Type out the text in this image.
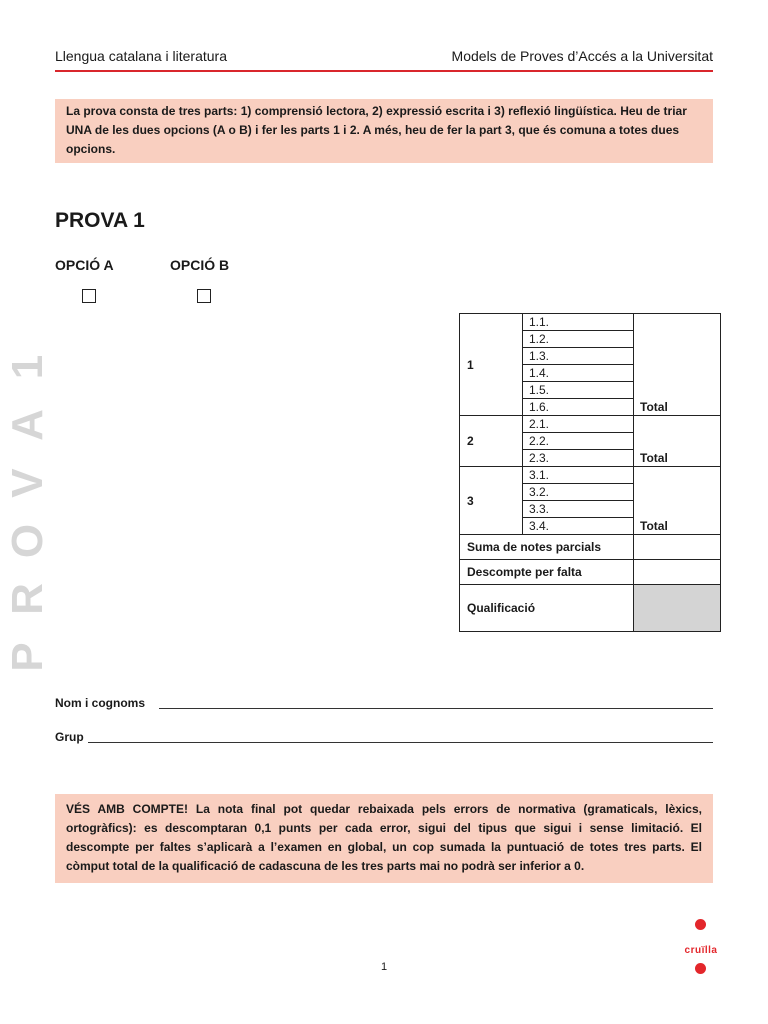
Llengua catalana i literatura	Models de Proves d’Accés a la Universitat
La prova consta de tres parts: 1) comprensió lectora, 2) expressió escrita i 3) reflexió lingüística. Heu de triar UNA de les dues opcions (A o B) i fer les parts 1 i 2. A més, heu de fer la part 3, que és comuna a totes dues opcions.
PROVA 1
OPCIÓ A	OPCIÓ B
1
A
V
O
R
P
1	1.1.	Total
	1.2.	
	1.3.	
	1.4.	
	1.5.	
	1.6.	
2	2.1.	Total
	2.2.	
	2.3.	
3	3.1.	Total
	3.2.	
	3.3.	
	3.4.	
Suma de notes parcials		
Descompte per falta		
Qualificació		
Nom i cognoms
Grup
VÉS AMB COMPTE! La nota final pot quedar rebaixada pels errors de normativa (gramaticals, lèxics, ortogràfics): es descomptaran 0,1 punts per cada error, sigui del tipus que sigui i sense limitació. El descompte per faltes s’aplicarà a l’examen en global, un cop sumada la puntuació de totes tres parts. El còmput total de la qualificació de cadascuna de les tres parts mai no podrà ser inferior a 0.
cruïlla
1
